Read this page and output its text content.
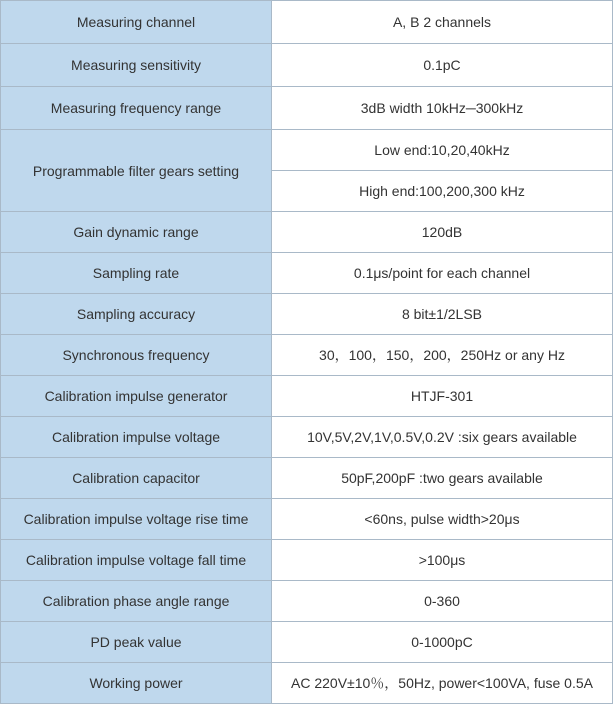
Measuring channel	A, B 2 channels
Measuring sensitivity	0.1pC
Measuring frequency range	3dB width 10kHz─300kHz
Programmable filter gears setting	Low end:10,20,40kHz
	High end:100,200,300 kHz
Gain dynamic range	120dB
Sampling rate	0.1μs/point for each channel
Sampling accuracy	8 bit±1/2LSB
Synchronous frequency	30，100，150，200，250Hz or any Hz
Calibration impulse generator	HTJF-301
Calibration impulse voltage	10V,5V,2V,1V,0.5V,0.2V :six gears available
Calibration capacitor	50pF,200pF :two gears available
Calibration impulse voltage rise time	<60ns, pulse width>20μs
Calibration impulse voltage fall time	>100μs
Calibration phase angle range	0-360
PD peak value	0-1000pC
Working power	AC 220V±10％，50Hz, power<100VA, fuse 0.5A
